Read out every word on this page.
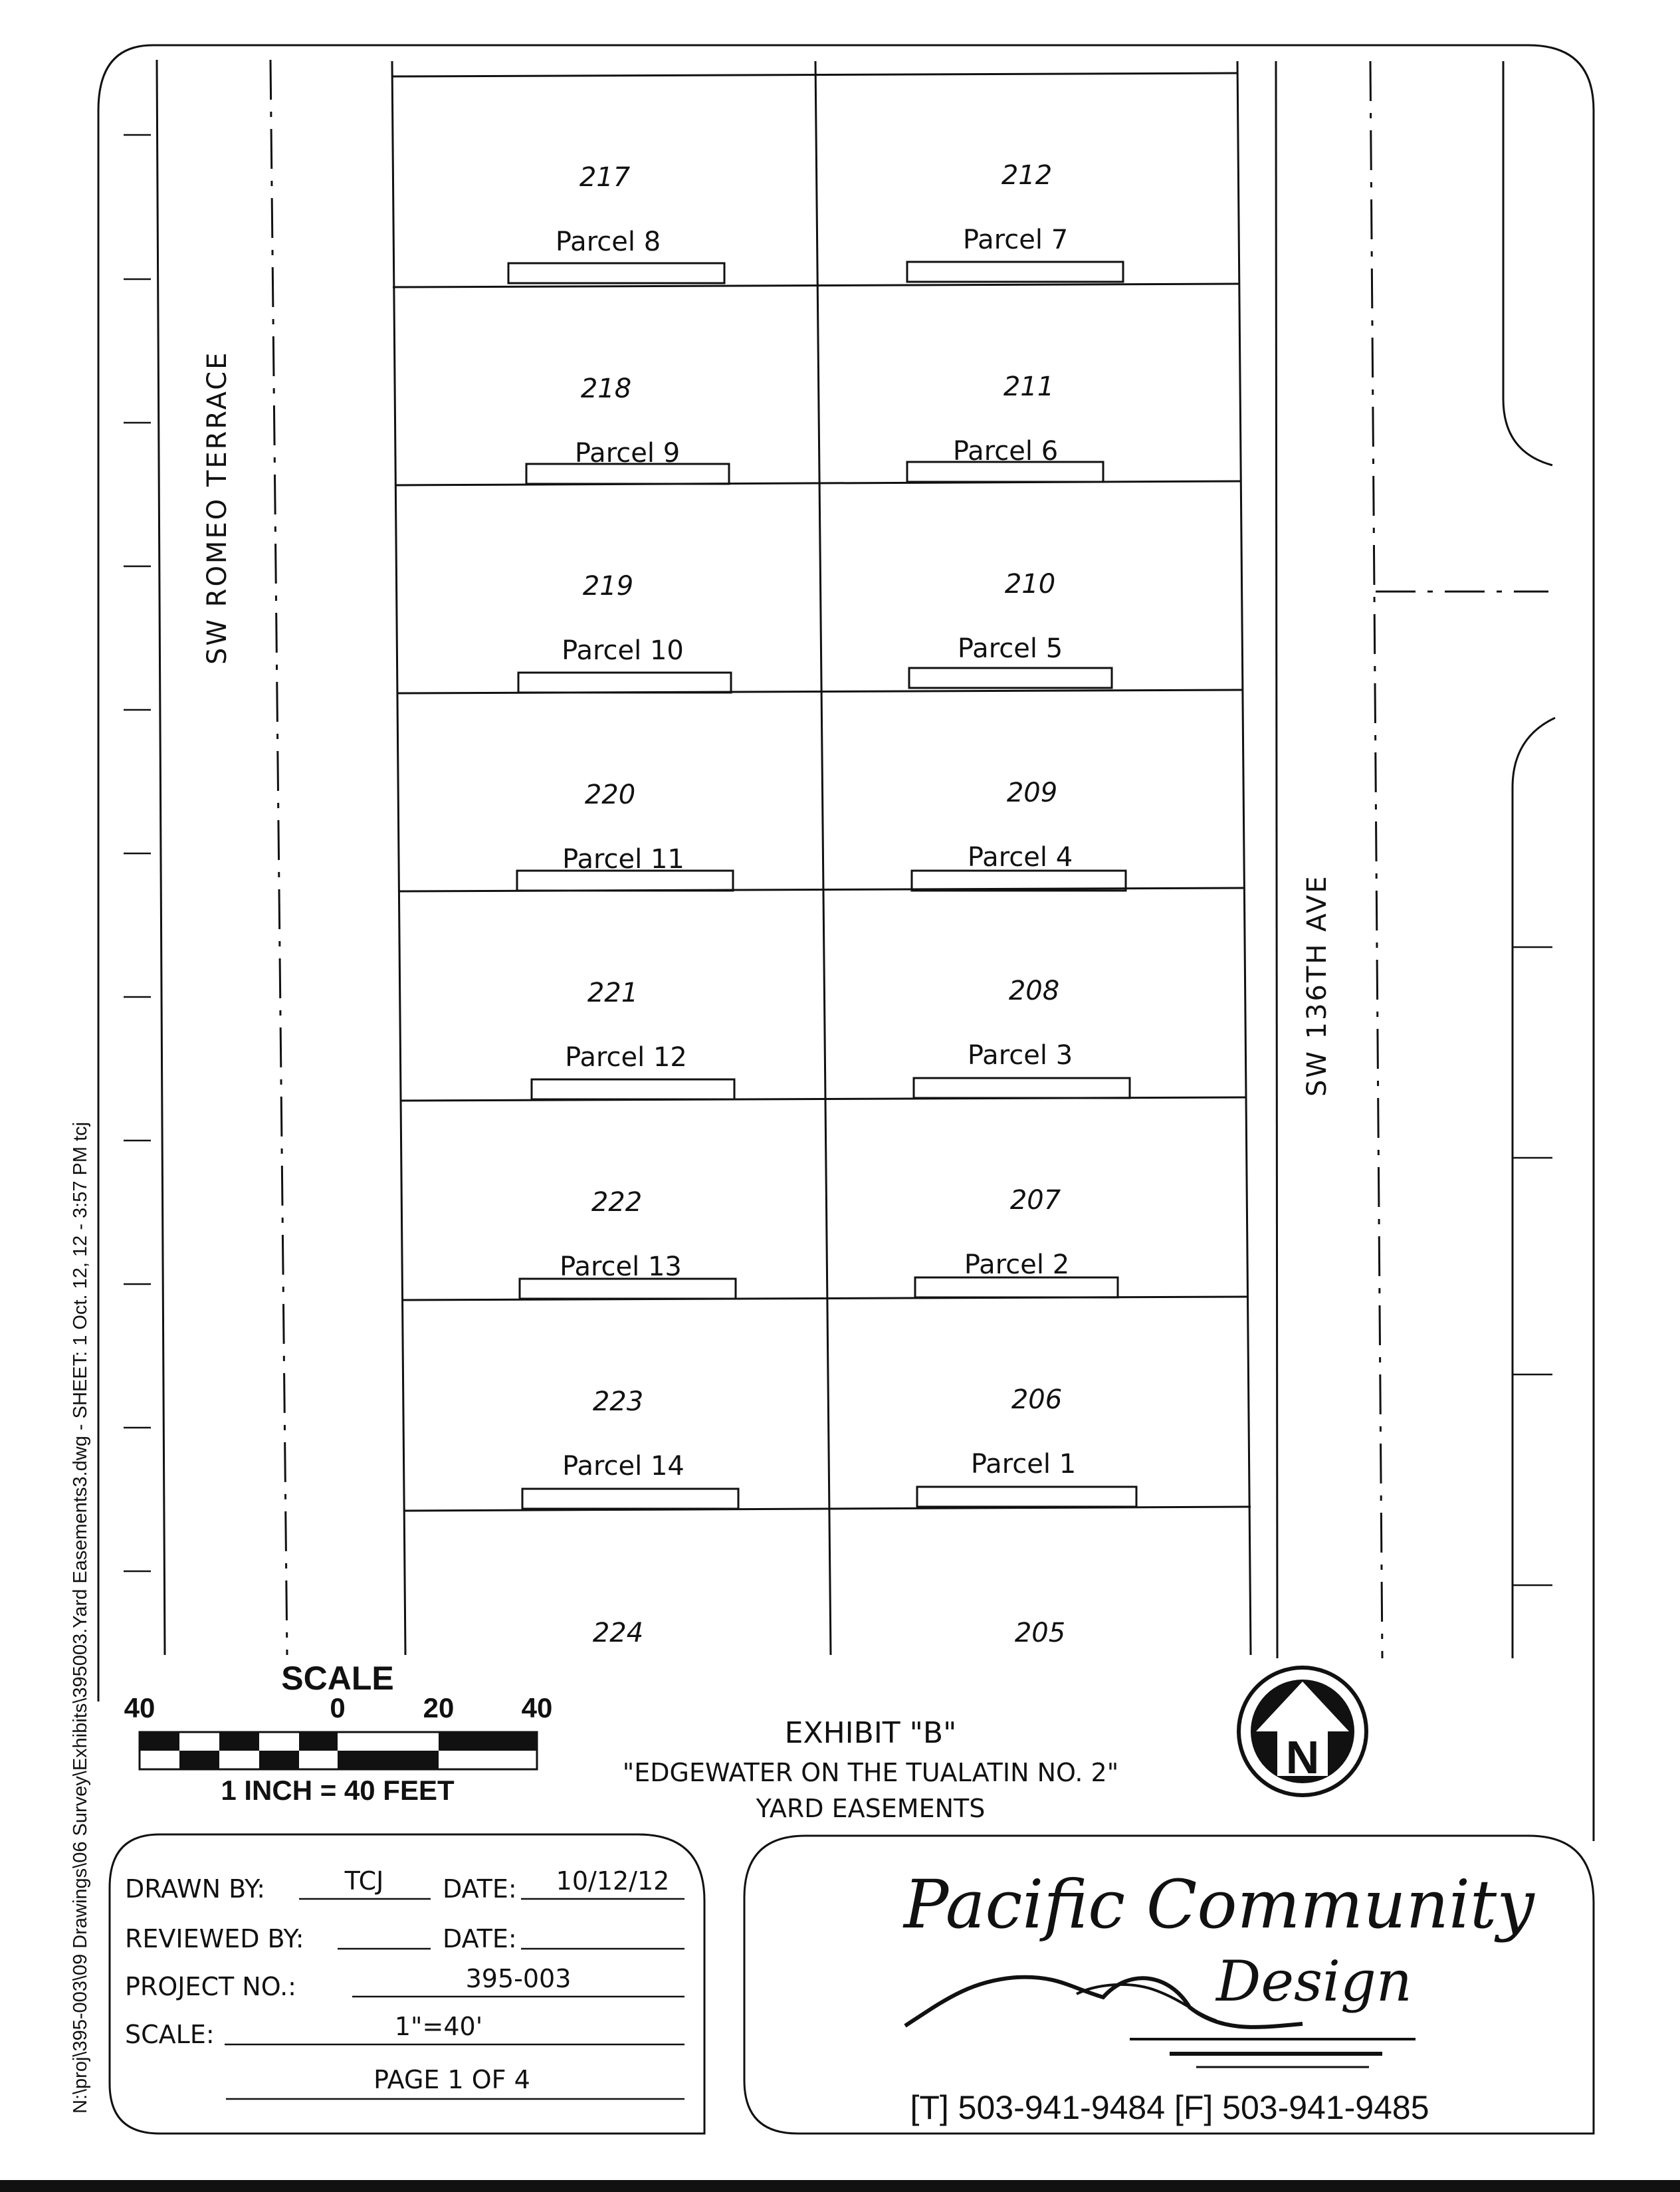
N:\proj\395-003\09 Drawings\06 Survey\Exhibits\395003.Yard Easements3.dwg - SHEET: 1 Oct. 12, 12 - 3:57 PM tcj
SW ROMEO TERRACE
217
Parcel 8
212
Parcel 7
218
Parcel 9
211
Parcel 6
219
Parcel 10
210
Parcel 5
220
Parcel 11
209
Parcel 4
221
Parcel 12
208
Parcel 3
222
Parcel 13
207
Parcel 2
223
Parcel 14
206
Parcel 1
224	205
SW 136TH AVE
SCALE
40	0	20 40
1 INCH = 40 FEET
EXHIBIT "B"
"EDGEWATER ON THE TUALATIN NO. 2"
YARD EASEMENTS
N
DRAWN BY:	TCJ DATE: 10/12/12
REVIEWED BY:	DATE:
PROJECT NO.:	395-003
SCALE:	1"=40'
PAGE 1 OF 4
Pacific Community
Design
[T] 503-941-9484 [F] 503-941-9485
